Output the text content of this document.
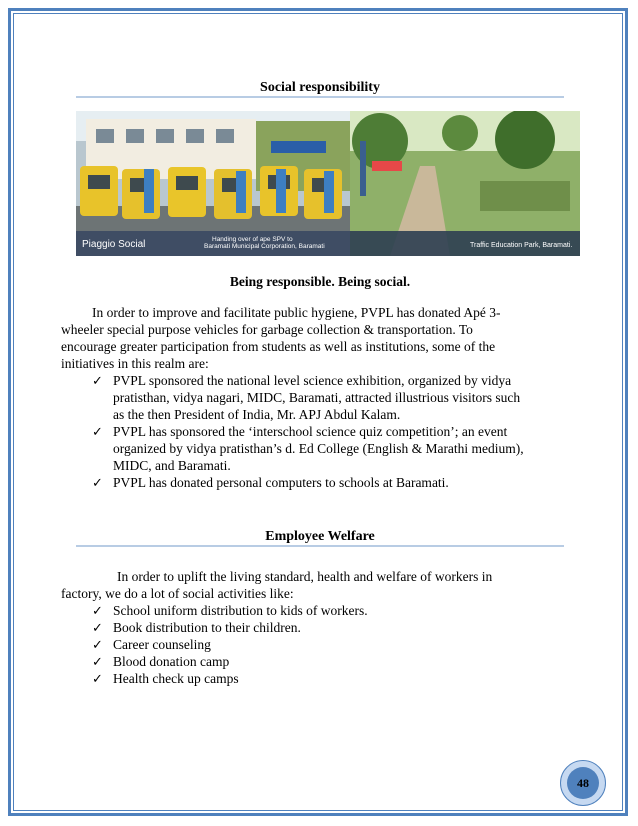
Social responsibility
Piaggio Social	Handing over of ape SPV to
Baramati Municipal Corporation, Baramati	Traffic Education Park, Baramati.
Being responsible. Being social.
In order to improve and facilitate public hygiene, PVPL has donated Apé 3-
wheeler special purpose vehicles for garbage collection & transportation. To
encourage greater participation from students as well as institutions, some of the
initiatives in this realm are:
✓ PVPL sponsored the national level science exhibition, organized by vidya
pratisthan, vidya nagari, MIDC, Baramati, attracted illustrious visitors such
as the then President of India, Mr. APJ Abdul Kalam.
✓ PVPL has sponsored the ‘interschool science quiz competition’; an event
organized by vidya pratisthan’s d. Ed College (English & Marathi medium),
MIDC, and Baramati.
✓ PVPL has donated personal computers to schools at Baramati.
Employee Welfare
In order to uplift the living standard, health and welfare of workers in
factory, we do a lot of social activities like:
✓ School uniform distribution to kids of workers.
✓ Book distribution to their children.
✓ Career counseling
✓ Blood donation camp
✓ Health check up camps
48
